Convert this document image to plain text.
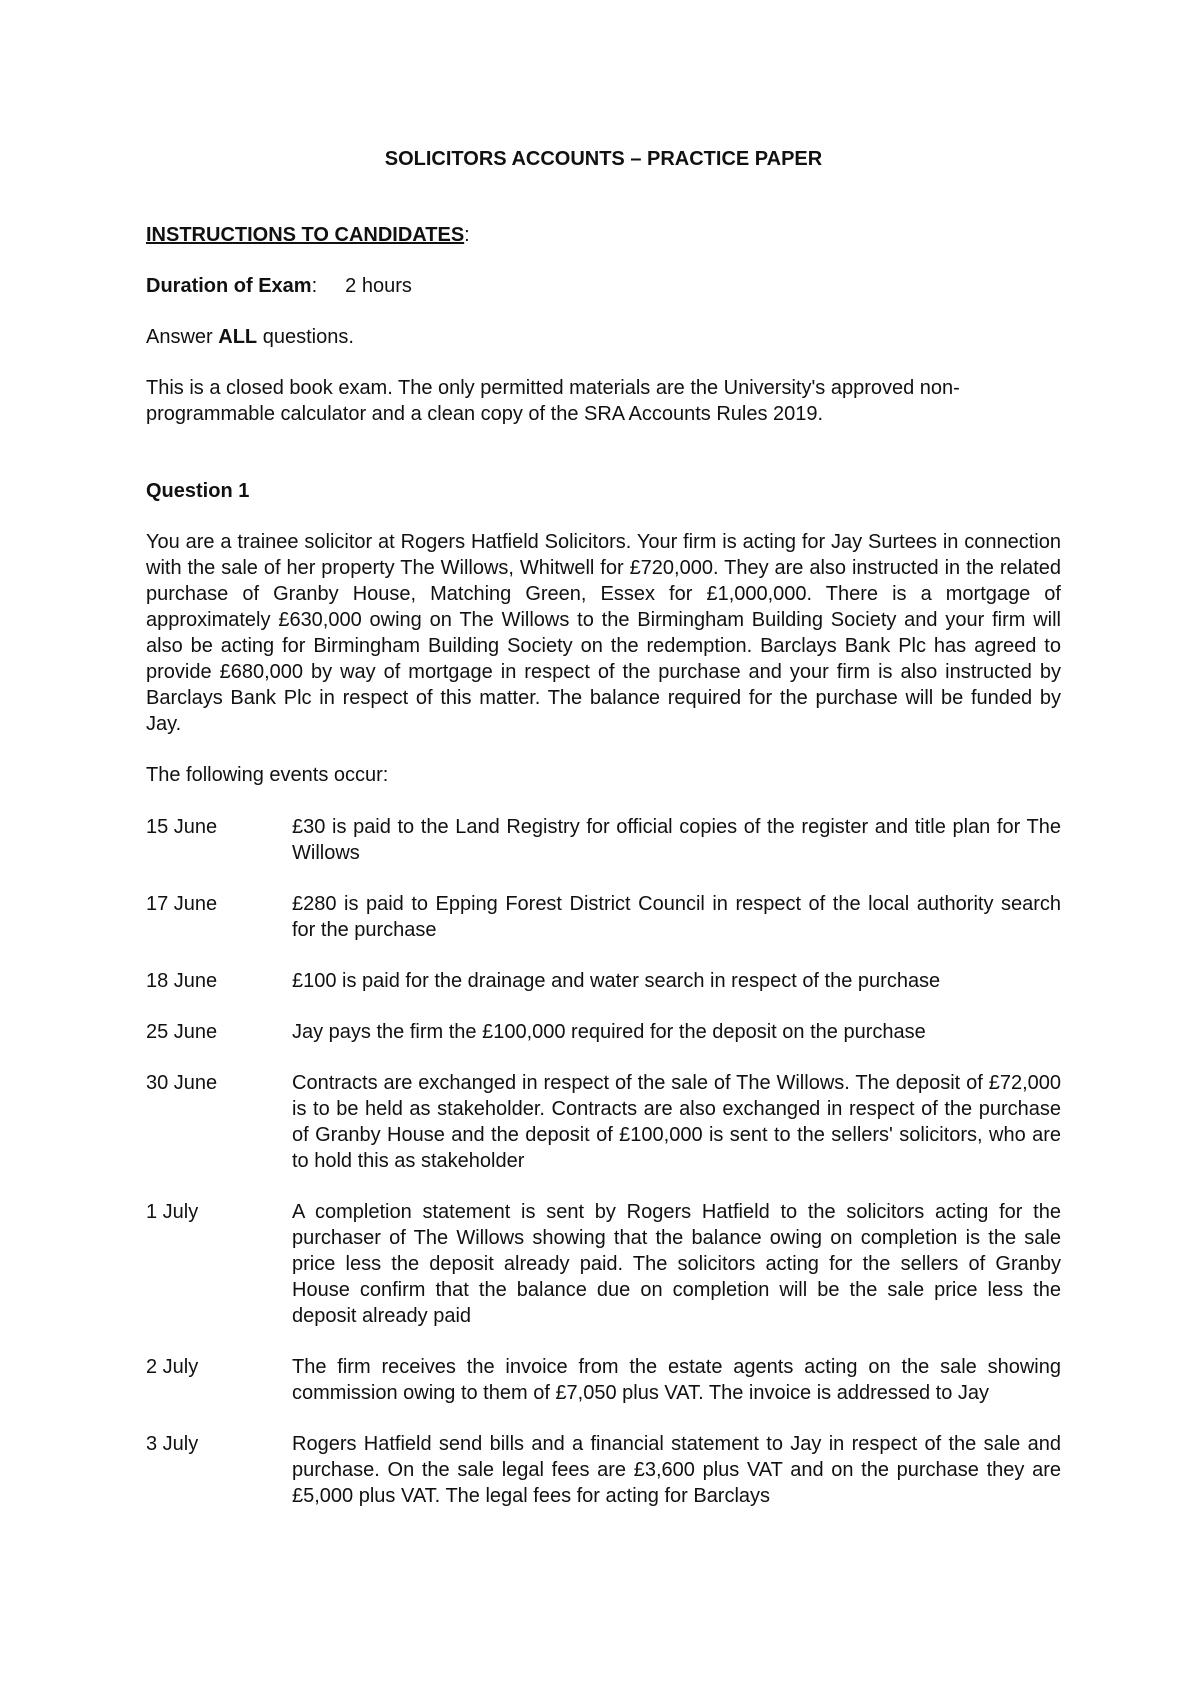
SOLICITORS ACCOUNTS – PRACTICE PAPER

INSTRUCTIONS TO CANDIDATES:

Duration of Exam: 2 hours

Answer ALL questions.

This is a closed book exam. The only permitted materials are the University's approved non-programmable calculator and a clean copy of the SRA Accounts Rules 2019.

Question 1

You are a trainee solicitor at Rogers Hatfield Solicitors. Your firm is acting for Jay Surtees in connection with the sale of her property The Willows, Whitwell for £720,000. They are also instructed in the related purchase of Granby House, Matching Green, Essex for £1,000,000. There is a mortgage of approximately £630,000 owing on The Willows to the Birmingham Building Society and your firm will also be acting for Birmingham Building Society on the redemption. Barclays Bank Plc has agreed to provide £680,000 by way of mortgage in respect of the purchase and your firm is also instructed by Barclays Bank Plc in respect of this matter. The balance required for the purchase will be funded by Jay.

The following events occur:

15 June	£30 is paid to the Land Registry for official copies of the register and title plan for The Willows
17 June	£280 is paid to Epping Forest District Council in respect of the local authority search for the purchase
18 June	£100 is paid for the drainage and water search in respect of the purchase
25 June	Jay pays the firm the £100,000 required for the deposit on the purchase
30 June	Contracts are exchanged in respect of the sale of The Willows. The deposit of £72,000 is to be held as stakeholder. Contracts are also exchanged in respect of the purchase of Granby House and the deposit of £100,000 is sent to the sellers' solicitors, who are to hold this as stakeholder
1 July	A completion statement is sent by Rogers Hatfield to the solicitors acting for the purchaser of The Willows showing that the balance owing on completion is the sale price less the deposit already paid. The solicitors acting for the sellers of Granby House confirm that the balance due on completion will be the sale price less the deposit already paid
2 July	The firm receives the invoice from the estate agents acting on the sale showing commission owing to them of £7,050 plus VAT. The invoice is addressed to Jay
3 July	Rogers Hatfield send bills and a financial statement to Jay in respect of the sale and purchase. On the sale legal fees are £3,600 plus VAT and on the purchase they are £5,000 plus VAT. The legal fees for acting for Barclays
